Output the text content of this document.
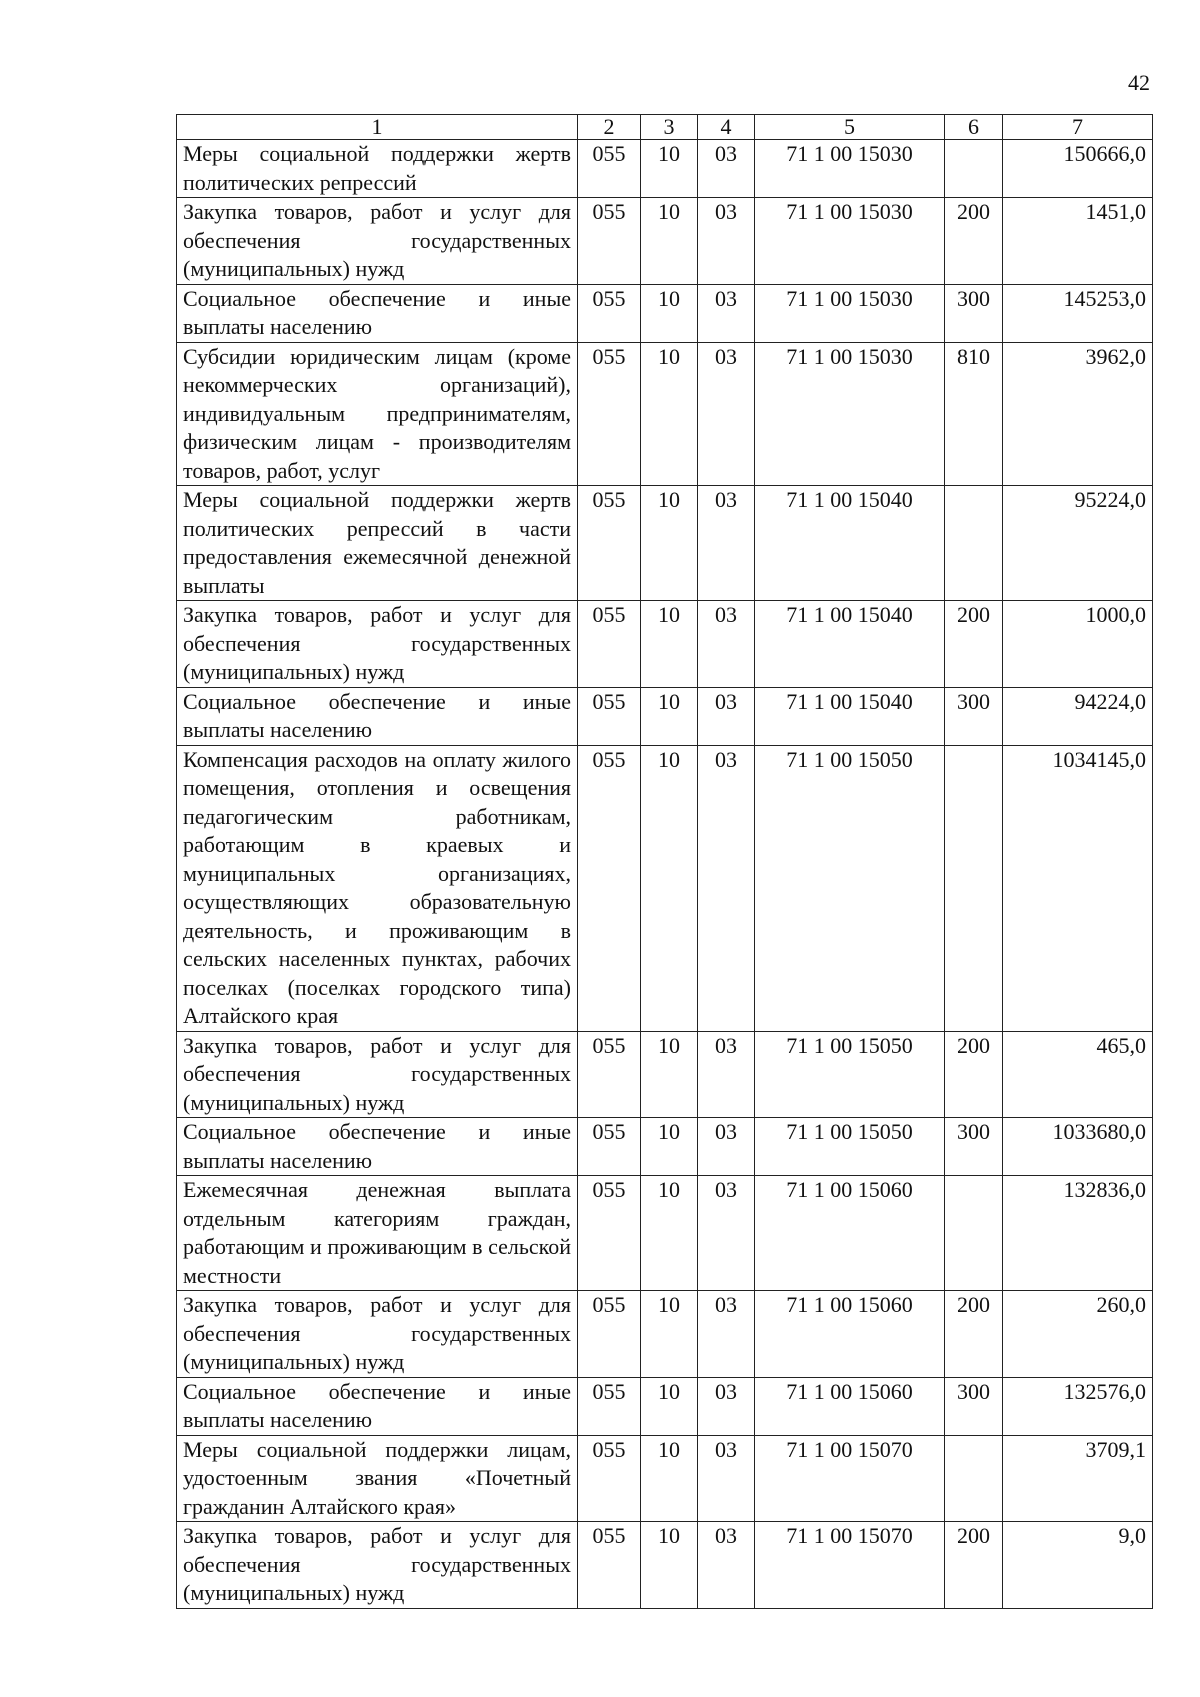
42
1	2	3	4	5	6	7
Меры социальной поддержки жертв политических репрессий	055	10	03	71 1 00 15030		150666,0
Закупка товаров, работ и услуг для обеспечения государственных (муниципальных) нужд	055	10	03	71 1 00 15030	200	1451,0
Социальное обеспечение и иные выплаты населению	055	10	03	71 1 00 15030	300	145253,0
Субсидии юридическим лицам (кроме некоммерческих организаций), индивидуальным предпринимателям, физическим лицам - производителям товаров, работ, услуг	055	10	03	71 1 00 15030	810	3962,0
Меры социальной поддержки жертв политических репрессий в части предоставления ежемесячной денежной выплаты	055	10	03	71 1 00 15040		95224,0
Закупка товаров, работ и услуг для обеспечения государственных (муниципальных) нужд	055	10	03	71 1 00 15040	200	1000,0
Социальное обеспечение и иные выплаты населению	055	10	03	71 1 00 15040	300	94224,0
Компенсация расходов на оплату жилого помещения, отопления и освещения педагогическим работникам, работающим в краевых и муниципальных организациях, осуществляющих образовательную деятельность, и проживающим в сельских населенных пунктах, рабочих поселках (поселках городского типа) Алтайского края	055	10	03	71 1 00 15050		1034145,0
Закупка товаров, работ и услуг для обеспечения государственных (муниципальных) нужд	055	10	03	71 1 00 15050	200	465,0
Социальное обеспечение и иные выплаты населению	055	10	03	71 1 00 15050	300	1033680,0
Ежемесячная денежная выплата отдельным категориям граждан, работающим и проживающим в сельской местности	055	10	03	71 1 00 15060		132836,0
Закупка товаров, работ и услуг для обеспечения государственных (муниципальных) нужд	055	10	03	71 1 00 15060	200	260,0
Социальное обеспечение и иные выплаты населению	055	10	03	71 1 00 15060	300	132576,0
Меры социальной поддержки лицам, удостоенным звания «Почетный гражданин Алтайского края»	055	10	03	71 1 00 15070		3709,1
Закупка товаров, работ и услуг для обеспечения государственных (муниципальных) нужд	055	10	03	71 1 00 15070	200	9,0
